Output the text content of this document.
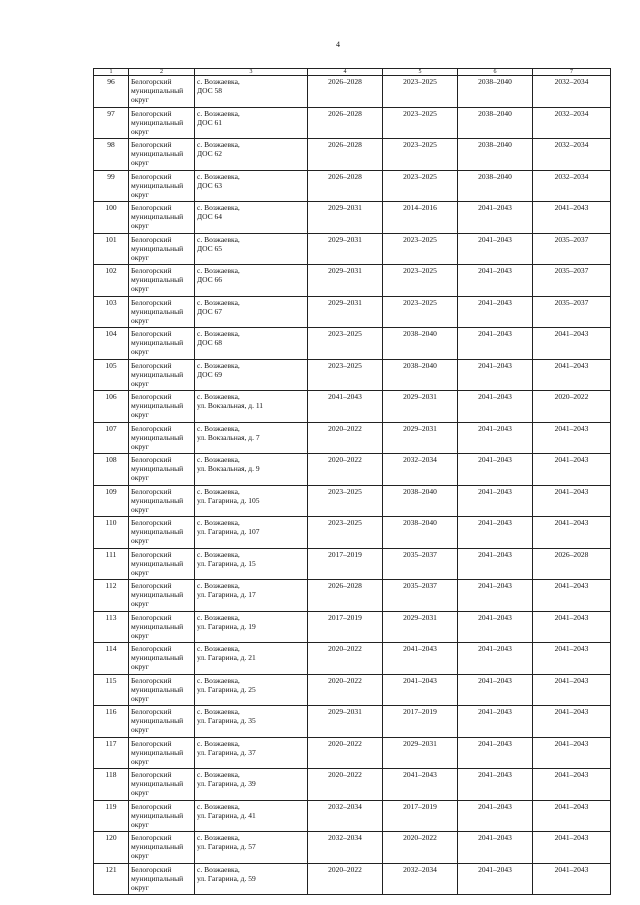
4
1	2	3	4	5	6	7

96	Белогорский
муниципальный
округ	с. Возжаевка,
ДОС 58	2026–2028	2023–2025	2038–2040	2032–2034

97	Белогорский
муниципальный
округ	с. Возжаевка,
ДОС 61	2026–2028	2023–2025	2038–2040	2032–2034

98	Белогорский
муниципальный
округ	с. Возжаевка,
ДОС 62	2026–2028	2023–2025	2038–2040	2032–2034

99	Белогорский
муниципальный
округ	с. Возжаевка,
ДОС 63	2026–2028	2023–2025	2038–2040	2032–2034

100	Белогорский
муниципальный
округ	с. Возжаевка,
ДОС 64	2029–2031	2014–2016	2041–2043	2041–2043

101	Белогорский
муниципальный
округ	с. Возжаевка,
ДОС 65	2029–2031	2023–2025	2041–2043	2035–2037

102	Белогорский
муниципальный
округ	с. Возжаевка,
ДОС 66	2029–2031	2023–2025	2041–2043	2035–2037

103	Белогорский
муниципальный
округ	с. Возжаевка,
ДОС 67	2029–2031	2023–2025	2041–2043	2035–2037

104	Белогорский
муниципальный
округ	с. Возжаевка,
ДОС 68	2023–2025	2038–2040	2041–2043	2041–2043

105	Белогорский
муниципальный
округ	с. Возжаевка,
ДОС 69	2023–2025	2038–2040	2041–2043	2041–2043

106	Белогорский
муниципальный
округ	с. Возжаевка,
ул. Вокзальная, д. 11	2041–2043	2029–2031	2041–2043	2020–2022

107	Белогорский
муниципальный
округ	с. Возжаевка,
ул. Вокзальная, д. 7	2020–2022	2029–2031	2041–2043	2041–2043

108	Белогорский
муниципальный
округ	с. Возжаевка,
ул. Вокзальная, д. 9	2020–2022	2032–2034	2041–2043	2041–2043

109	Белогорский
муниципальный
округ	с. Возжаевка,
ул. Гагарина, д. 105	2023–2025	2038–2040	2041–2043	2041–2043

110	Белогорский
муниципальный
округ	с. Возжаевка,
ул. Гагарина, д. 107	2023–2025	2038–2040	2041–2043	2041–2043

111	Белогорский
муниципальный
округ	с. Возжаевка,
ул. Гагарина, д. 15	2017–2019	2035–2037	2041–2043	2026–2028

112	Белогорский
муниципальный
округ	с. Возжаевка,
ул. Гагарина, д. 17	2026–2028	2035–2037	2041–2043	2041–2043

113	Белогорский
муниципальный
округ	с. Возжаевка,
ул. Гагарина, д. 19	2017–2019	2029–2031	2041–2043	2041–2043

114	Белогорский
муниципальный
округ	с. Возжаевка,
ул. Гагарина, д. 21	2020–2022	2041–2043	2041–2043	2041–2043

115	Белогорский
муниципальный
округ	с. Возжаевка,
ул. Гагарина, д. 25	2020–2022	2041–2043	2041–2043	2041–2043

116	Белогорский
муниципальный
округ	с. Возжаевка,
ул. Гагарина, д. 35	2029–2031	2017–2019	2041–2043	2041–2043

117	Белогорский
муниципальный
округ	с. Возжаевка,
ул. Гагарина, д. 37	2020–2022	2029–2031	2041–2043	2041–2043

118	Белогорский
муниципальный
округ	с. Возжаевка,
ул. Гагарина, д. 39	2020–2022	2041–2043	2041–2043	2041–2043

119	Белогорский
муниципальный
округ	с. Возжаевка,
ул. Гагарина, д. 41	2032–2034	2017–2019	2041–2043	2041–2043

120	Белогорский
муниципальный
округ	с. Возжаевка,
ул. Гагарина, д. 57	2032–2034	2020–2022	2041–2043	2041–2043

121	Белогорский
муниципальный
округ	с. Возжаевка,
ул. Гагарина, д. 59	2020–2022	2032–2034	2041–2043	2041–2043
